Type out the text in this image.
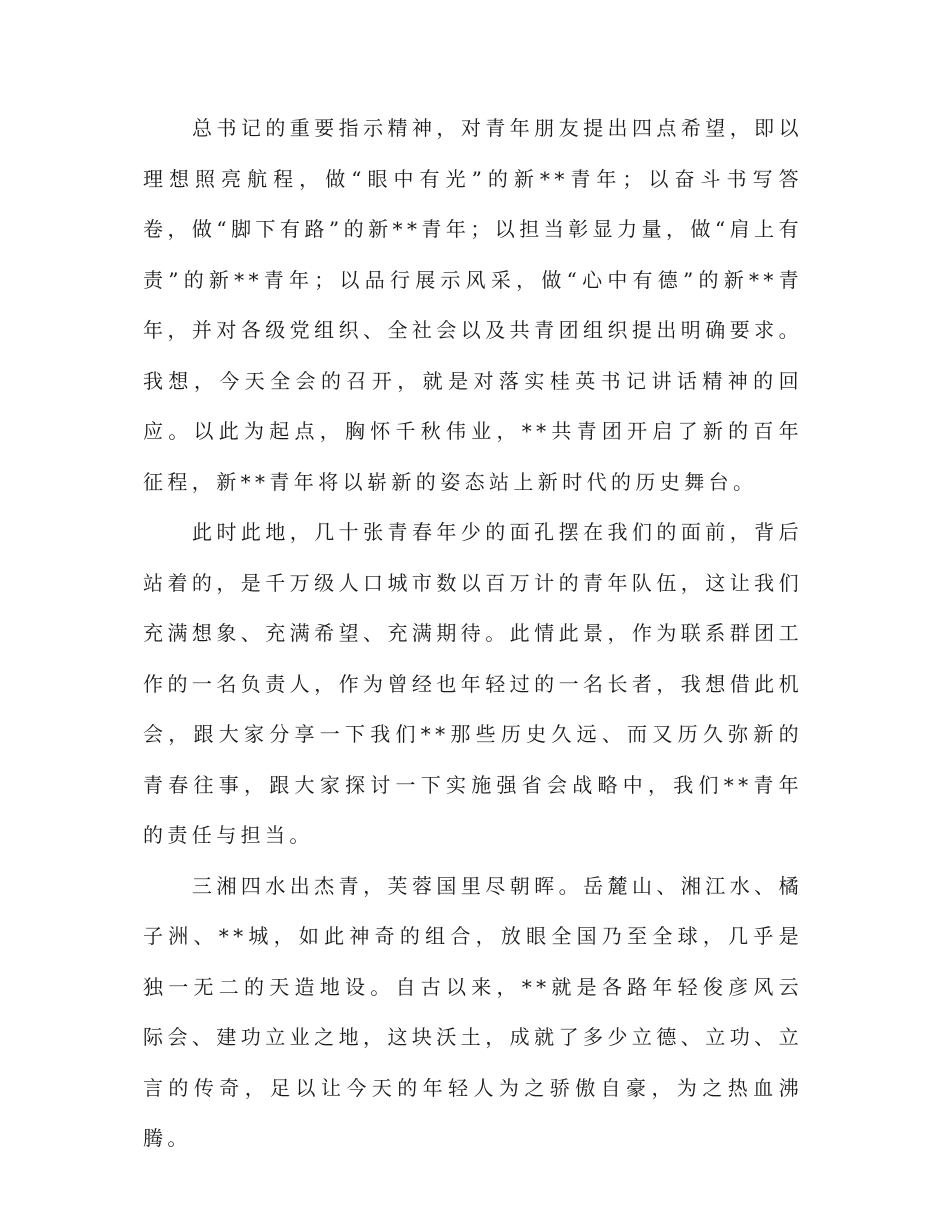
总书记的重要指示精神，对青年朋友提出四点希望，即以理想照亮航程，做“眼中有光”的新**青年；以奋斗书写答卷，做“脚下有路”的新**青年；以担当彰显力量，做“肩上有责”的新**青年；以品行展示风采，做“心中有德”的新**青年，并对各级党组织、全社会以及共青团组织提出明确要求。我想，今天全会的召开，就是对落实桂英书记讲话精神的回应。以此为起点，胸怀千秋伟业，**共青团开启了新的百年征程，新**青年将以崭新的姿态站上新时代的历史舞台。

此时此地，几十张青春年少的面孔摆在我们的面前，背后站着的，是千万级人口城市数以百万计的青年队伍，这让我们充满想象、充满希望、充满期待。此情此景，作为联系群团工作的一名负责人，作为曾经也年轻过的一名长者，我想借此机会，跟大家分享一下我们**那些历史久远、而又历久弥新的青春往事，跟大家探讨一下实施强省会战略中，我们**青年的责任与担当。

三湘四水出杰青，芙蓉国里尽朝晖。岳麓山、湘江水、橘子洲、**城，如此神奇的组合，放眼全国乃至全球，几乎是独一无二的天造地设。自古以来，**就是各路年轻俊彦风云际会、建功立业之地，这块沃土，成就了多少立德、立功、立言的传奇，足以让今天的年轻人为之骄傲自豪，为之热血沸腾。
